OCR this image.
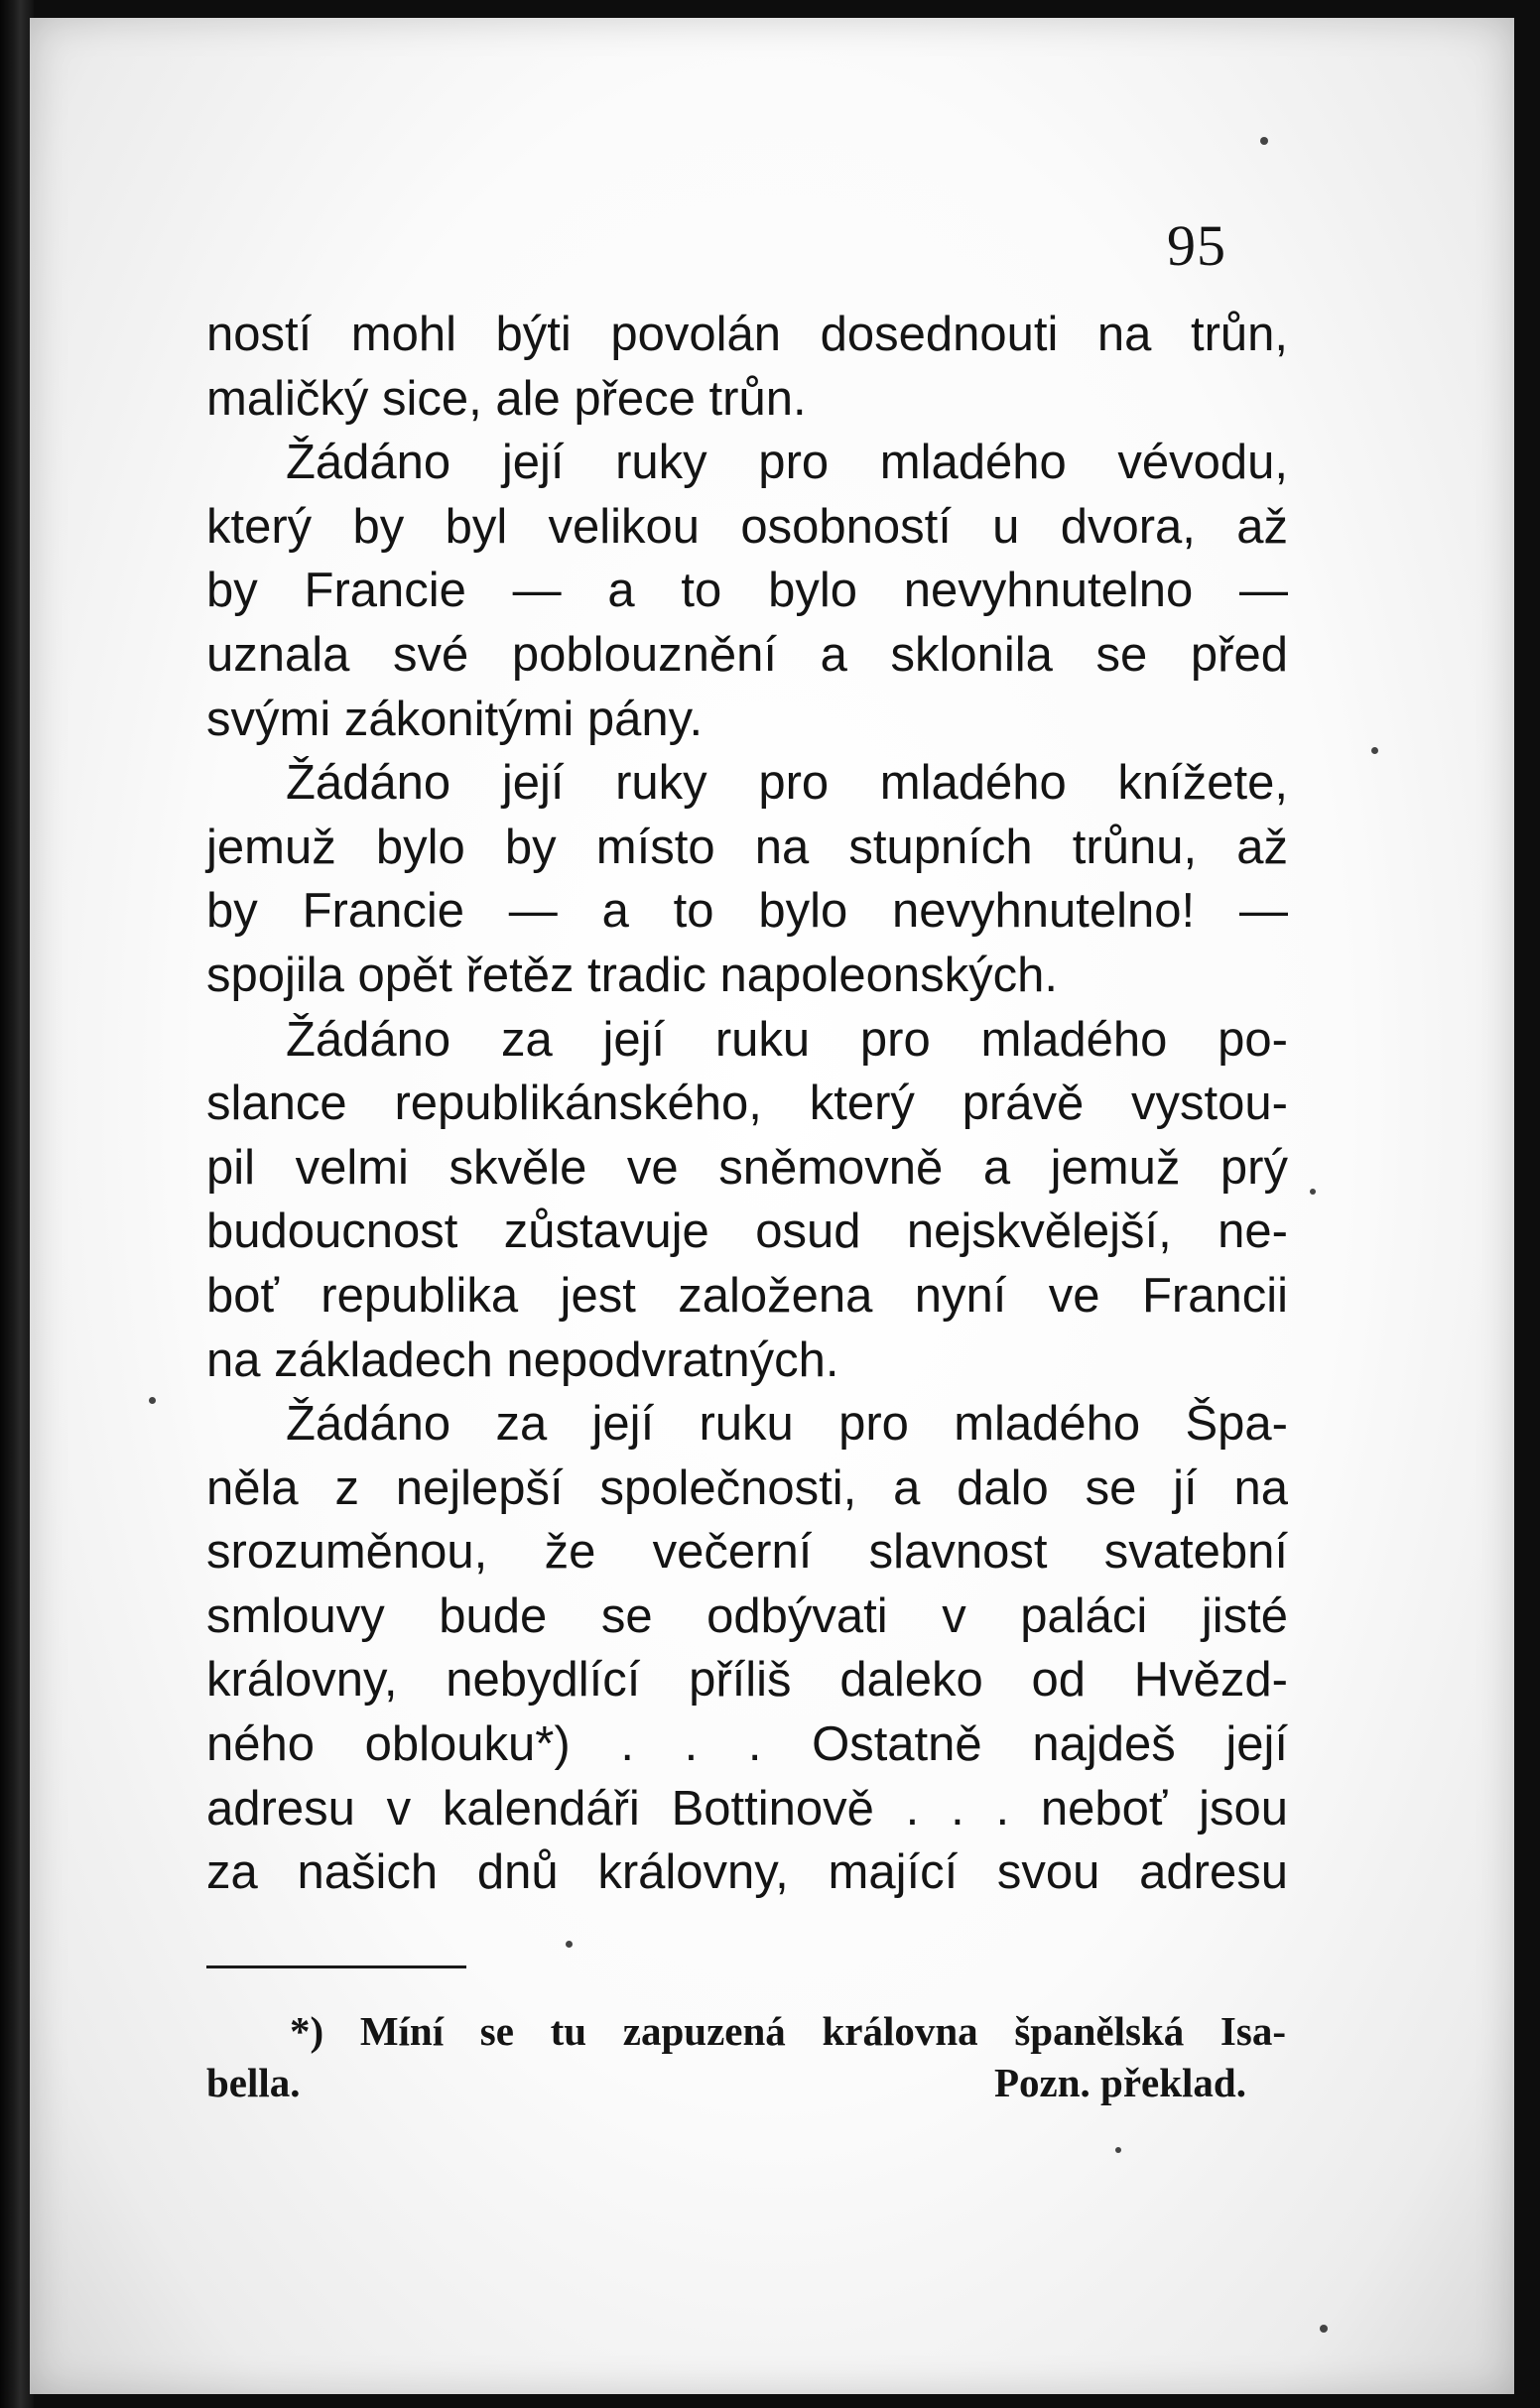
95
ností mohl býti povolán dosednouti na trůn,
maličký sice, ale přece trůn.
Žádáno její ruky pro mladého vévodu,
který by byl velikou osobností u dvora, až
by Francie — a to bylo nevyhnutelno —
uznala své poblouznění a sklonila se před
svými zákonitými pány.
Žádáno její ruky pro mladého knížete,
jemuž bylo by místo na stupních trůnu, až
by Francie — a to bylo nevyhnutelno! —
spojila opět řetěz tradic napoleonských.
Žádáno za její ruku pro mladého po-
slance republikánského, který právě vystou-
pil velmi skvěle ve sněmovně a jemuž prý
budoucnost zůstavuje osud nejskvělejší, ne-
boť republika jest založena nyní ve Francii
na základech nepodvratných.
Žádáno za její ruku pro mladého Špa-
něla z nejlepší společnosti, a dalo se jí na
srozuměnou, že večerní slavnost svatební
smlouvy bude se odbývati v paláci jisté
královny, nebydlící příliš daleko od Hvězd-
ného oblouku*) . . . Ostatně najdeš její
adresu v kalendáři Bottinově . . . neboť jsou
za našich dnů královny, mající svou adresu
*) Míní se tu zapuzená královna španělská Isa-
bella.	Pozn. překlad.
